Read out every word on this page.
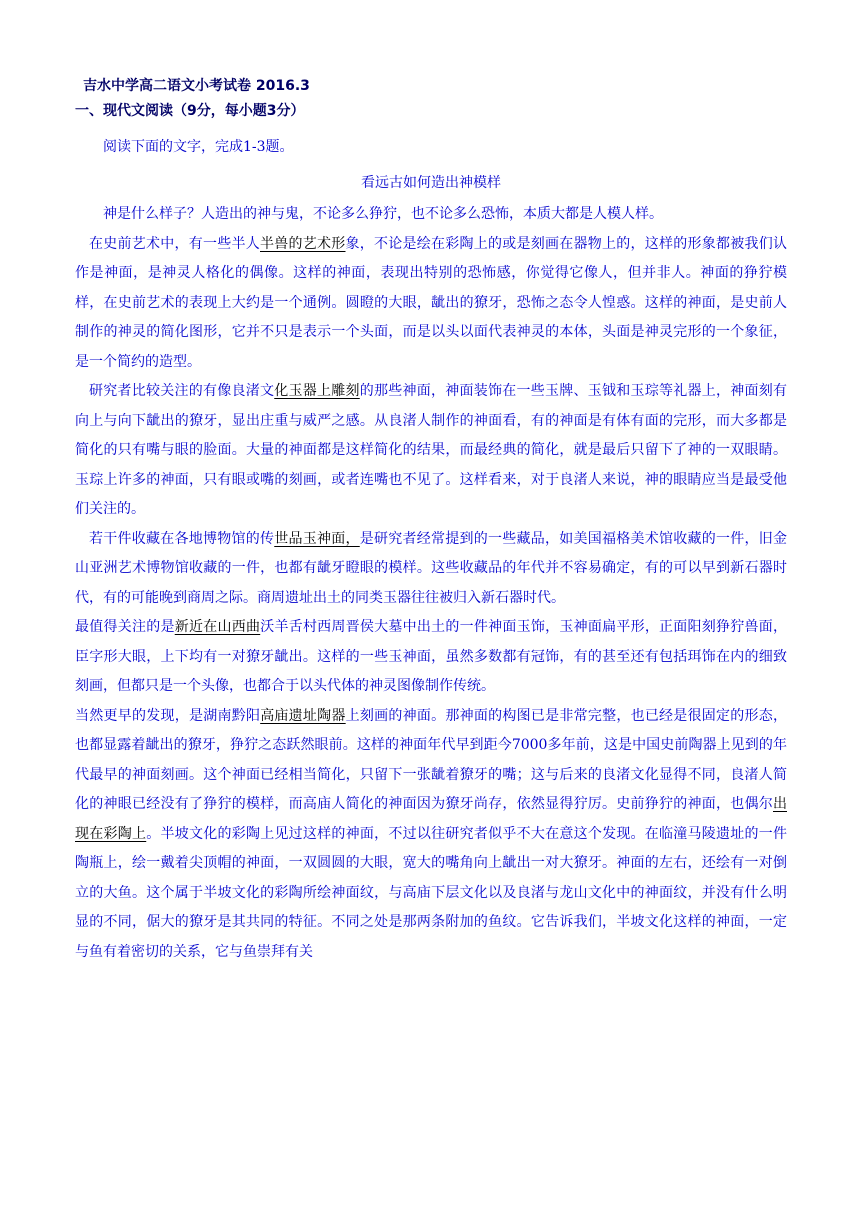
吉水中学高二语文小考试卷 2016.3
一、现代文阅读（9分，每小题3分）
阅读下面的文字，完成1-3题。
看远古如何造出神模样

神是什么样子？人造出的神与鬼，不论多么狰狞，也不论多么恐怖，本质大都是人模人样。

在史前艺术中，有一些半人半兽的艺术形象，不论是绘在彩陶上的或是刻画在器物上的，这样的形象都被我们认作是神面，是神灵人格化的偶像。这样的神面，表现出特别的恐怖感，你觉得它像人，但并非人。神面的狰狞模样，在史前艺术的表现上大约是一个通例。圆瞪的大眼，龇出的獠牙，恐怖之态令人惶惑。这样的神面，是史前人制作的神灵的简化图形，它并不只是表示一个头面，而是以头以面代表神灵的本体，头面是神灵完形的一个象征，是一个简约的造型。

研究者比较关注的有像良渚文化玉器上雕刻的那些神面，神面装饰在一些玉牌、玉钺和玉琮等礼器上，神面刻有向上与向下龇出的獠牙，显出庄重与威严之感。从良渚人制作的神面看，有的神面是有体有面的完形，而大多都是简化的只有嘴与眼的脸面。大量的神面都是这样简化的结果，而最经典的简化，就是最后只留下了神的一双眼睛。玉琮上许多的神面，只有眼或嘴的刻画，或者连嘴也不见了。这样看来，对于良渚人来说，神的眼睛应当是最受他们关注的。

若干件收藏在各地博物馆的传世品玉神面，是研究者经常提到的一些藏品，如美国福格美术馆收藏的一件，旧金山亚洲艺术博物馆收藏的一件，也都有龇牙瞪眼的模样。这些收藏品的年代并不容易确定，有的可以早到新石器时代，有的可能晚到商周之际。商周遗址出土的同类玉器往往被归入新石器时代。

最值得关注的是新近在山西曲沃羊舌村西周晋侯大墓中出土的一件神面玉饰，玉神面扁平形，正面阳刻狰狞兽面，臣字形大眼，上下均有一对獠牙龇出。这样的一些玉神面，虽然多数都有冠饰，有的甚至还有包括珥饰在内的细致刻画，但都只是一个头像，也都合于以头代体的神灵图像制作传统。

当然更早的发现，是湖南黔阳高庙遗址陶器上刻画的神面。那神面的构图已是非常完整，也已经是很固定的形态，也都显露着龇出的獠牙，狰狞之态跃然眼前。这样的神面年代早到距今7000多年前，这是中国史前陶器上见到的年代最早的神面刻画。这个神面已经相当简化，只留下一张龇着獠牙的嘴；这与后来的良渚文化显得不同，良渚人简化的神眼已经没有了狰狞的模样，而高庙人简化的神面因为獠牙尚存，依然显得狞厉。史前狰狞的神面，也偶尔出现在彩陶上。半坡文化的彩陶上见过这样的神面，不过以往研究者似乎不大在意这个发现。在临潼马陵遗址的一件陶瓶上，绘一戴着尖顶帽的神面，一双圆圆的大眼，宽大的嘴角向上龇出一对大獠牙。神面的左右，还绘有一对倒立的大鱼。这个属于半坡文化的彩陶所绘神面纹，与高庙下层文化以及良渚与龙山文化中的神面纹，并没有什么明显的不同，倨大的獠牙是其共同的特征。不同之处是那两条附加的鱼纹。它告诉我们，半坡文化这样的神面，一定与鱼有着密切的关系，它与鱼崇拜有关
